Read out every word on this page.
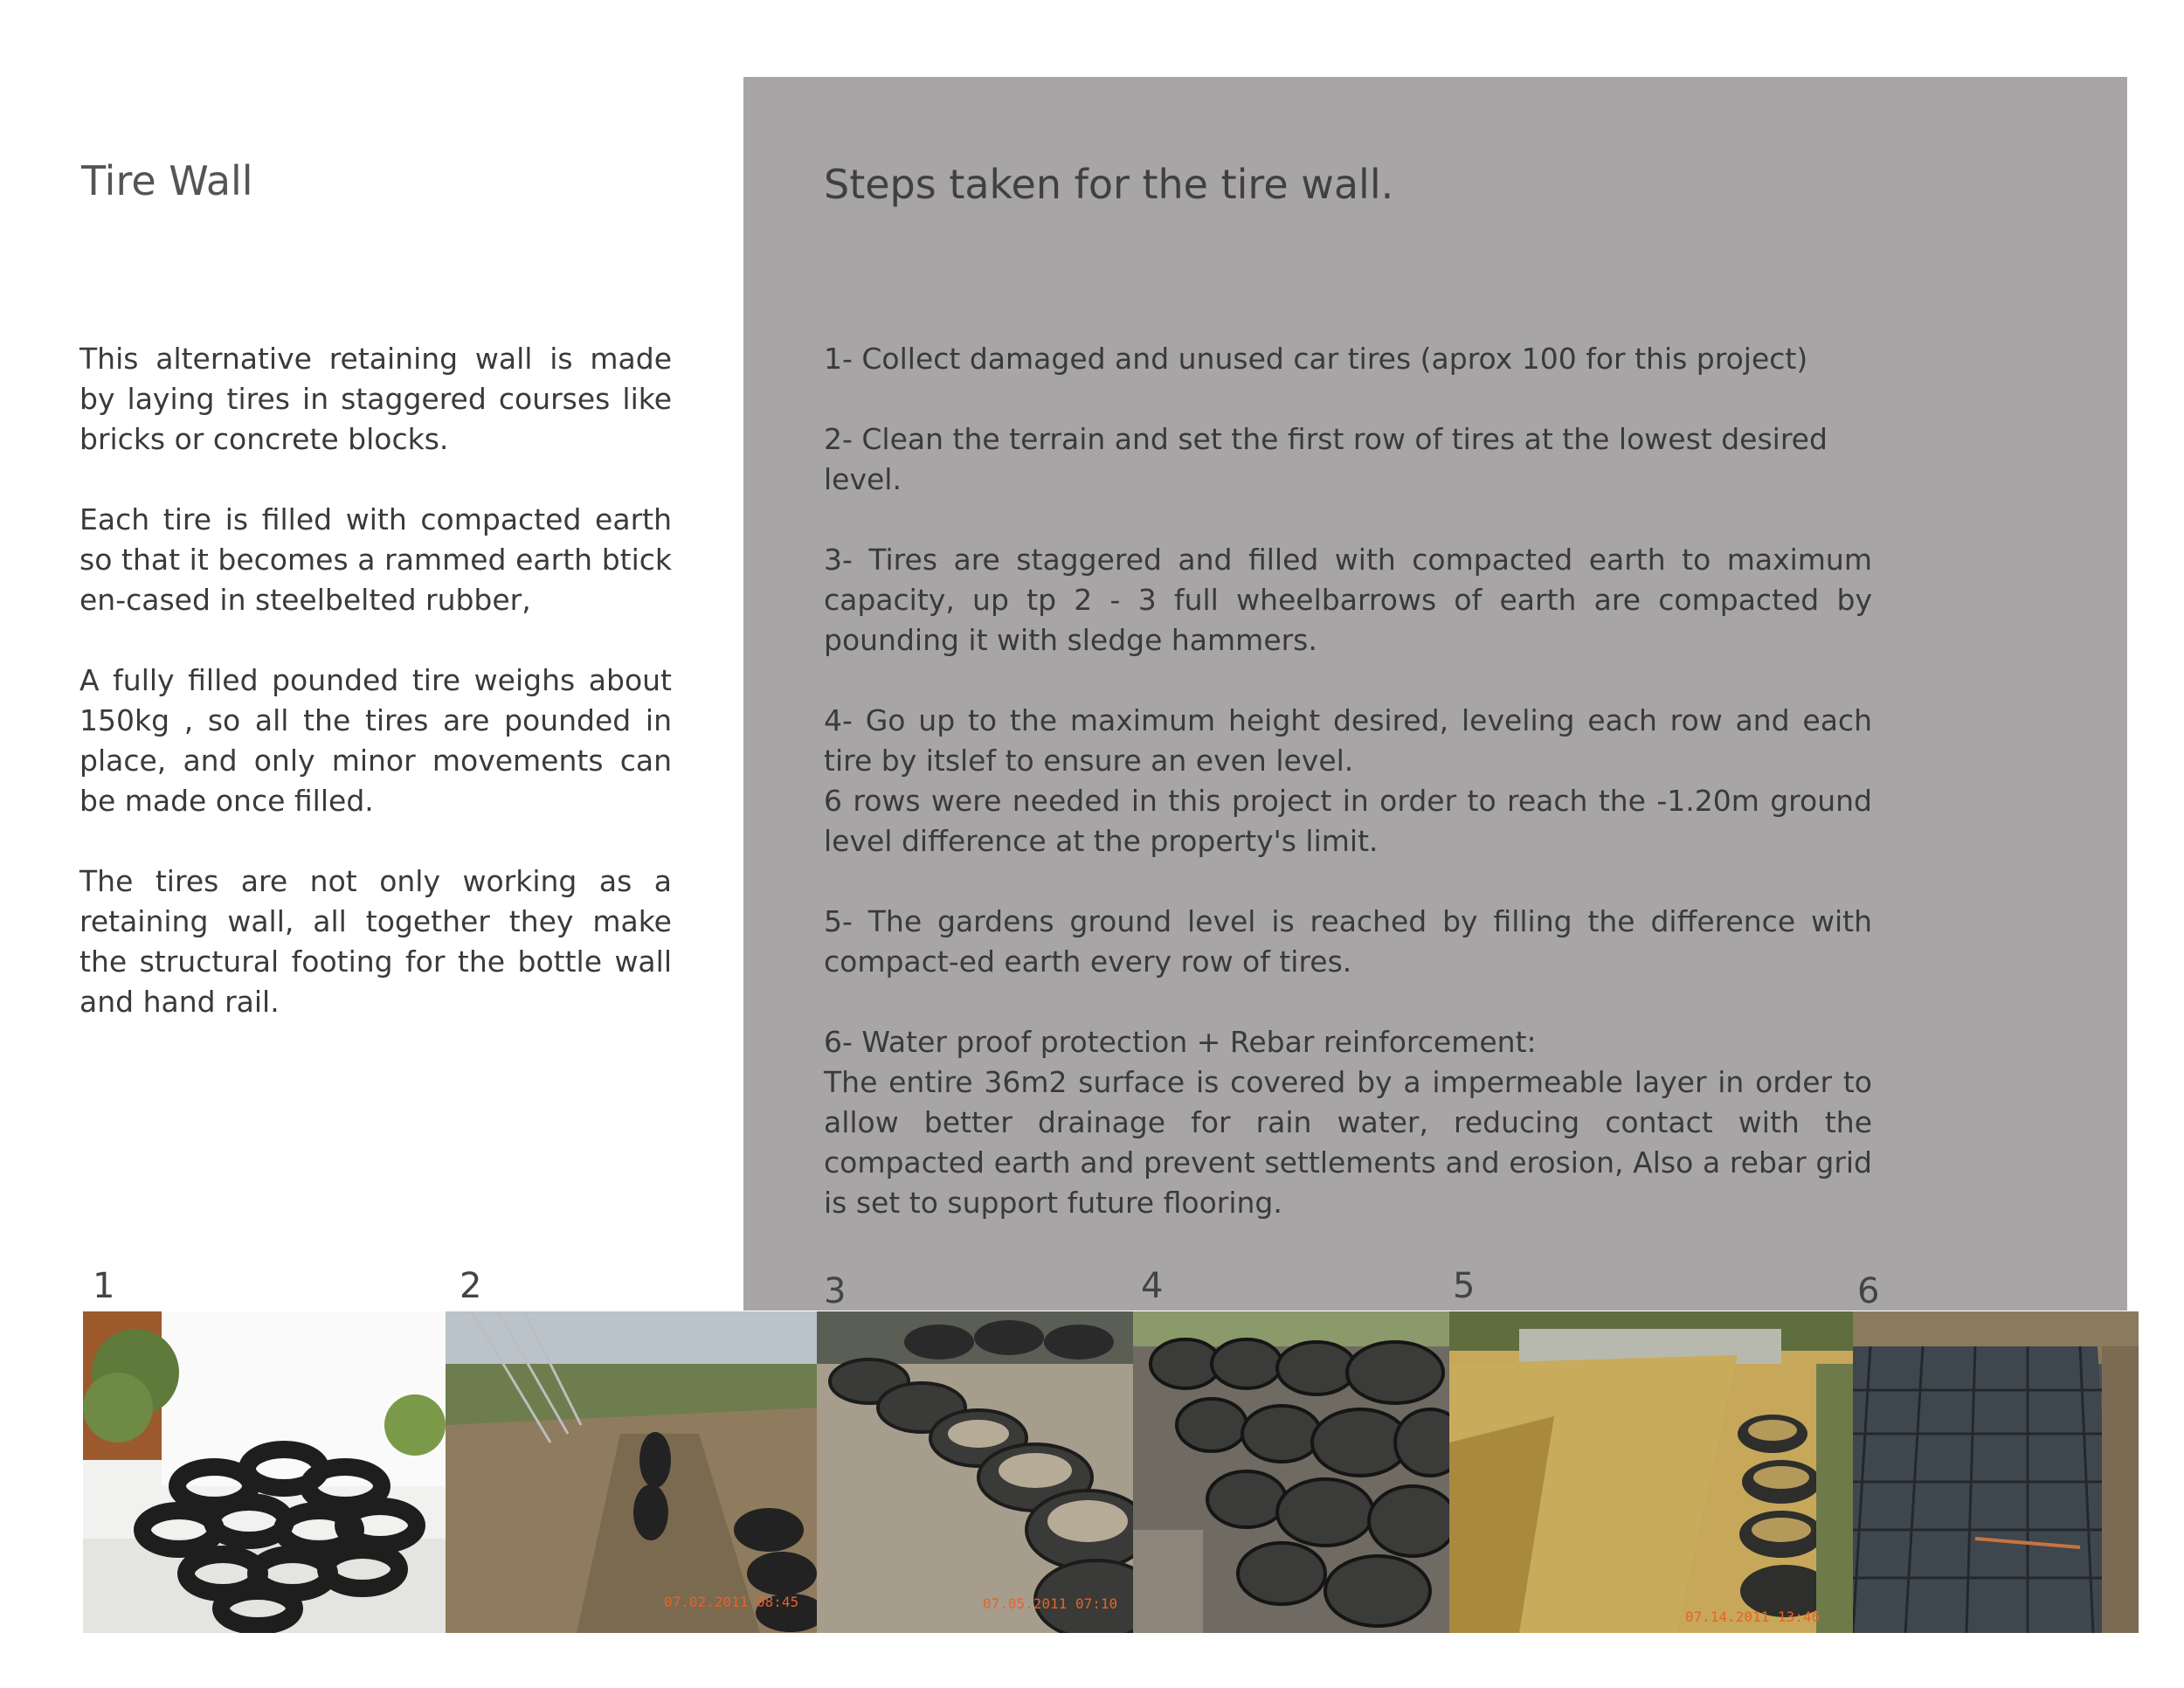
Tire Wall

This alternative retaining wall is made by laying tires in staggered courses like bricks or concrete blocks.

Each tire is filled with compacted earth so that it becomes a rammed earth btick en-cased in steelbelted rubber,

A fully filled pounded tire weighs about 150kg , so all the tires are pounded in place, and only minor movements can be made once filled.

The tires are not only working as a retaining wall, all together they make the structural footing for the bottle wall and hand rail.

Steps taken for the tire wall.

1- Collect damaged and unused car tires (aprox 100 for this project)

2- Clean the terrain and set the first row of tires at the lowest desired level.

3- Tires are staggered and filled with compacted earth to maximum capacity, up tp 2 - 3 full wheelbarrows of earth are compacted by pounding it with sledge hammers.

4- Go up to the maximum height desired, leveling each row and each tire by itslef to ensure an even level.

6 rows were needed in this project in order to reach the -1.20m ground level difference at the property's limit.

5- The gardens ground level is reached by filling the difference with compact-ed earth every row of tires.

6- Water proof protection + Rebar reinforcement:

The entire 36m2 surface is covered by a impermeable layer in order to allow better drainage for rain water, reducing contact with the compacted earth and prevent settlements and erosion, Also a rebar grid is set to support future flooring.

1	2	3	4	5	6
07.02.2011 08:45	07.05.2011 07:10
07.14.2011 13:46
